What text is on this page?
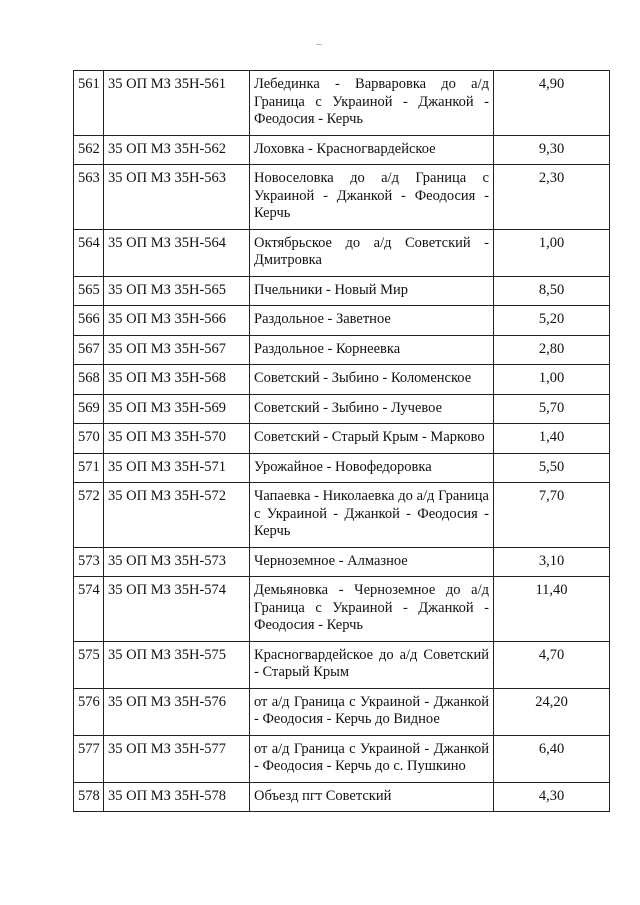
561	35 ОП МЗ 35Н-561	Лебединка - Варваровка до а/д Граница с Украиной - Джанкой - Феодосия - Керчь	4,90
562	35 ОП МЗ 35Н-562	Лоховка - Красногвардейское	9,30
563	35 ОП МЗ 35Н-563	Новоселовка до а/д Граница с Украиной - Джанкой - Феодосия - Керчь	2,30
564	35 ОП МЗ 35Н-564	Октябрьское до а/д Советский - Дмитровка	1,00
565	35 ОП МЗ 35Н-565	Пчельники - Новый Мир	8,50
566	35 ОП МЗ 35Н-566	Раздольное - Заветное	5,20
567	35 ОП МЗ 35Н-567	Раздольное - Корнеевка	2,80
568	35 ОП МЗ 35Н-568	Советский - Зыбино - Коломенское	1,00
569	35 ОП МЗ 35Н-569	Советский - Зыбино - Лучевое	5,70
570	35 ОП МЗ 35Н-570	Советский - Старый Крым - Марково	1,40
571	35 ОП МЗ 35Н-571	Урожайное - Новофедоровка	5,50
572	35 ОП МЗ 35Н-572	Чапаевка - Николаевка до а/д Граница с Украиной - Джанкой - Феодосия - Керчь	7,70
573	35 ОП МЗ 35Н-573	Черноземное - Алмазное	3,10
574	35 ОП МЗ 35Н-574	Демьяновка - Черноземное до а/д Граница с Украиной - Джанкой - Феодосия - Керчь	11,40
575	35 ОП МЗ 35Н-575	Красногвардейское до а/д Советский - Старый Крым	4,70
576	35 ОП МЗ 35Н-576	от а/д Граница с Украиной - Джанкой - Феодосия - Керчь до Видное	24,20
577	35 ОП МЗ 35Н-577	от а/д Граница с Украиной - Джанкой - Феодосия - Керчь до с. Пушкино	6,40
578	35 ОП МЗ 35Н-578	Объезд пгт Советский	4,30
